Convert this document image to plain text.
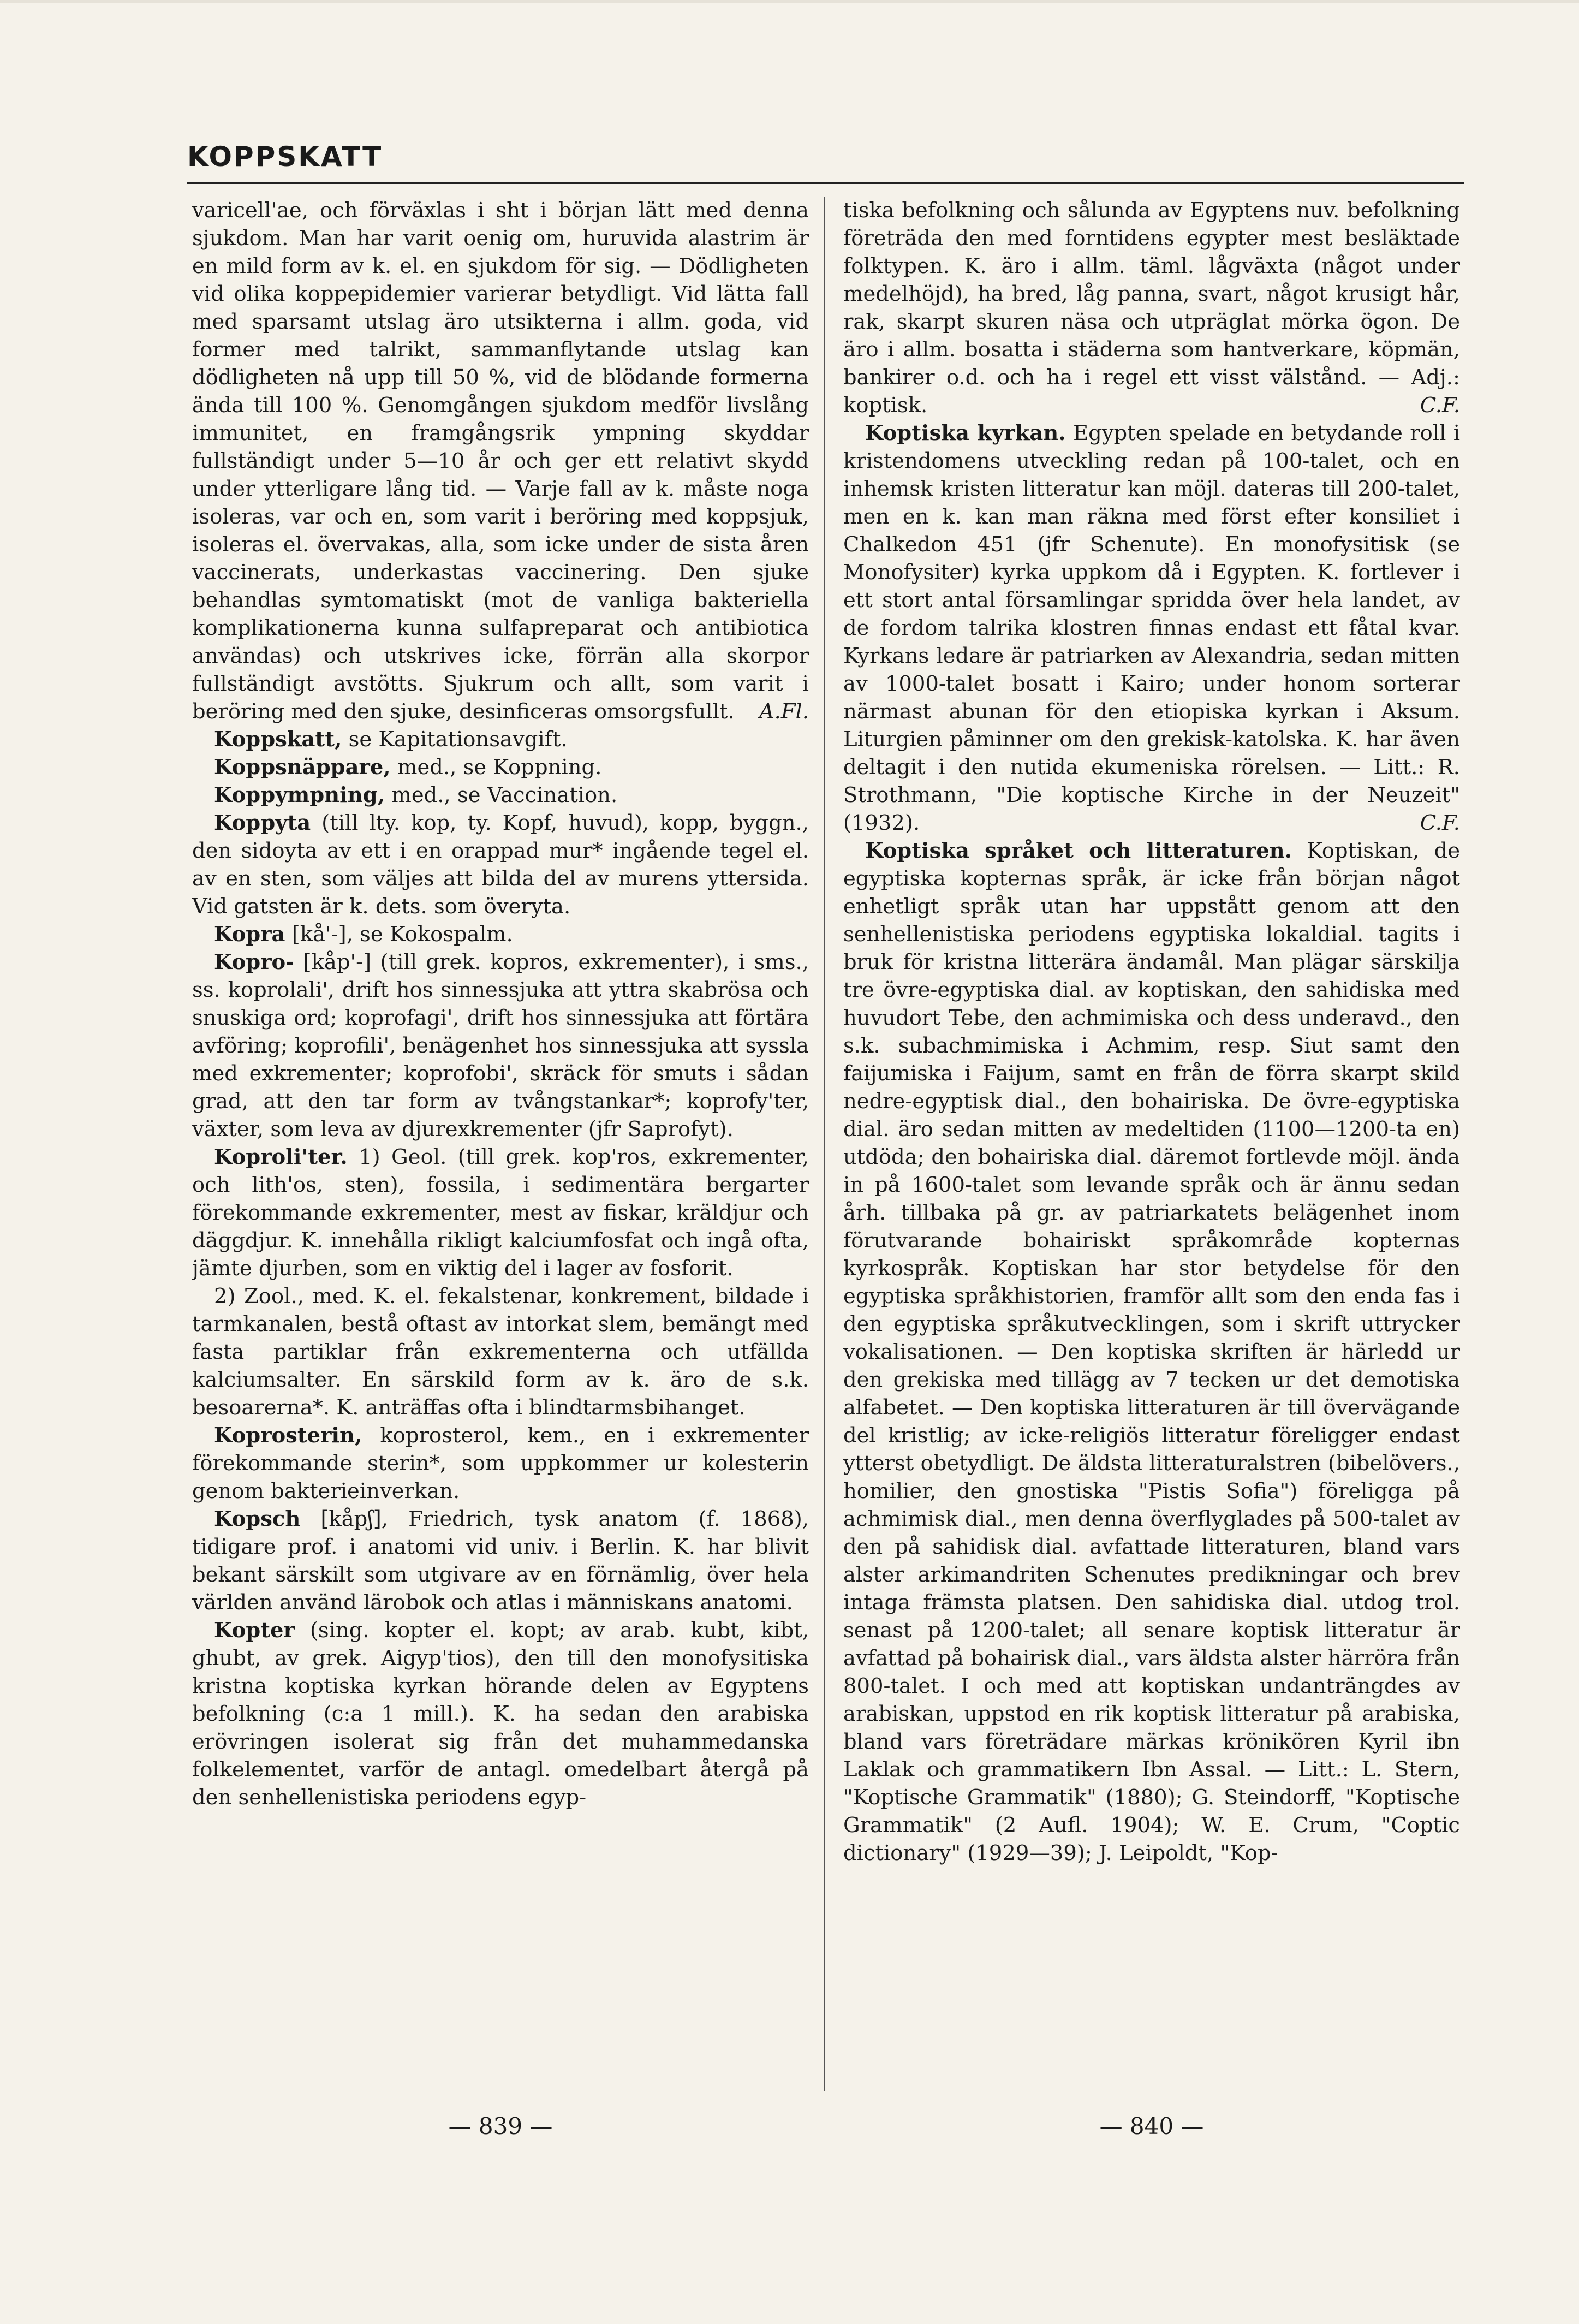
KOPPSKATT

varicell'ae, och förväxlas i sht i början lätt med denna sjukdom. Man har varit oenig om, huruvida alastrim är en mild form av k. el. en sjukdom för sig. — Dödligheten vid olika koppepidemier varierar betydligt. Vid lätta fall med sparsamt utslag äro utsikterna i allm. goda, vid former med talrikt, sammanflytande utslag kan dödligheten nå upp till 50 %, vid de blödande formerna ända till 100 %. Genomgången sjukdom medför livslång immunitet, en framgångsrik ympning skyddar fullständigt under 5—10 år och ger ett relativt skydd under ytterligare lång tid. — Varje fall av k. måste noga isoleras, var och en, som varit i beröring med koppsjuk, isoleras el. övervakas, alla, som icke under de sista åren vaccinerats, underkastas vaccinering. Den sjuke behandlas symtomatiskt (mot de vanliga bakteriella komplikationerna kunna sulfapreparat och antibiotica användas) och utskrives icke, förrän alla skorpor fullständigt avstötts. Sjukrum och allt, som varit i beröring med den sjuke, desinficeras omsorgsfullt. A.Fl.

Koppskatt, se Kapitationsavgift.

Koppsnäppare, med., se Koppning.

Koppympning, med., se Vaccination.

Koppyta (till lty. kop, ty. Kopf, huvud), kopp, byggn., den sidoyta av ett i en orappad mur* ingående tegel el. av en sten, som väljes att bilda del av murens yttersida. Vid gatsten är k. dets. som överyta.

Kopra [kå'-], se Kokospalm.

Kopro- [kåp'-] (till grek. kopros, exkrementer), i sms., ss. koprolali', drift hos sinnessjuka att yttra skabrösa och snuskiga ord; koprofagi', drift hos sinnessjuka att förtära avföring; koprofili', benägenhet hos sinnessjuka att syssla med exkrementer; koprofobi', skräck för smuts i sådan grad, att den tar form av tvångstankar*; koprofy'ter, växter, som leva av djurexkrementer (jfr Saprofyt).

Koproli'ter. 1) Geol. (till grek. kop'ros, exkrementer, och lith'os, sten), fossila, i sedimentära bergarter förekommande exkrementer, mest av fiskar, kräldjur och däggdjur. K. innehålla rikligt kalciumfosfat och ingå ofta, jämte djurben, som en viktig del i lager av fosforit.

2) Zool., med. K. el. fekalstenar, konkrement, bildade i tarmkanalen, bestå oftast av intorkat slem, bemängt med fasta partiklar från exkrementerna och utfällda kalciumsalter. En särskild form av k. äro de s.k. besoarerna*. K. anträffas ofta i blindtarmsbihanget.

Koprosterin, koprosterol, kem., en i exkrementer förekommande sterin*, som uppkommer ur kolesterin genom bakterieinverkan.

Kopsch [kåpʃ], Friedrich, tysk anatom (f. 1868), tidigare prof. i anatomi vid univ. i Berlin. K. har blivit bekant särskilt som utgivare av en förnämlig, över hela världen använd lärobok och atlas i människans anatomi.

Kopter (sing. kopter el. kopt; av arab. kubt, kibt, ghubt, av grek. Aigyp'tios), den till den monofysitiska kristna koptiska kyrkan hörande delen av Egyptens befolkning (c:a 1 mill.). K. ha sedan den arabiska erövringen isolerat sig från det muhammedanska folkelementet, varför de antagl. omedelbart återgå på den senhellenistiska periodens egyp-

tiska befolkning och sålunda av Egyptens nuv. befolkning företräda den med forntidens egypter mest besläktade folktypen. K. äro i allm. täml. lågväxta (något under medelhöjd), ha bred, låg panna, svart, något krusigt hår, rak, skarpt skuren näsa och utpräglat mörka ögon. De äro i allm. bosatta i städerna som hantverkare, köpmän, bankirer o.d. och ha i regel ett visst välstånd. — Adj.: koptisk.	C.F.

Koptiska kyrkan. Egypten spelade en betydande roll i kristendomens utveckling redan på 100-talet, och en inhemsk kristen litteratur kan möjl. dateras till 200-talet, men en k. kan man räkna med först efter konsiliet i Chalkedon 451 (jfr Schenute). En monofysitisk (se Monofysiter) kyrka uppkom då i Egypten. K. fortlever i ett stort antal församlingar spridda över hela landet, av de fordom talrika klostren finnas endast ett fåtal kvar. Kyrkans ledare är patriarken av Alexandria, sedan mitten av 1000-talet bosatt i Kairo; under honom sorterar närmast abunan för den etiopiska kyrkan i Aksum. Liturgien påminner om den grekisk-katolska. K. har även deltagit i den nutida ekumeniska rörelsen. — Litt.: R. Strothmann, "Die koptische Kirche in der Neuzeit" (1932).	C.F.

Koptiska språket och litteraturen. Koptiskan, de egyptiska kopternas språk, är icke från början något enhetligt språk utan har uppstått genom att den senhellenistiska periodens egyptiska lokaldial. tagits i bruk för kristna litterära ändamål. Man plägar särskilja tre övre-egyptiska dial. av koptiskan, den sahidiska med huvudort Tebe, den achmimiska och dess underavd., den s.k. subachmimiska i Achmim, resp. Siut samt den faijumiska i Faijum, samt en från de förra skarpt skild nedre-egyptisk dial., den bohairiska. De övre-egyptiska dial. äro sedan mitten av medeltiden (1100—1200-ta en) utdöda; den bohairiska dial. däremot fortlevde möjl. ända in på 1600-talet som levande språk och är ännu sedan årh. tillbaka på gr. av patriarkatets belägenhet inom förutvarande bohairiskt språkområde kopternas kyrkospråk. Koptiskan har stor betydelse för den egyptiska språkhistorien, framför allt som den enda fas i den egyptiska språkutvecklingen, som i skrift uttrycker vokalisationen. — Den koptiska skriften är härledd ur den grekiska med tillägg av 7 tecken ur det demotiska alfabetet. — Den koptiska litteraturen är till övervägande del kristlig; av icke-religiös litteratur föreligger endast ytterst obetydligt. De äldsta litteraturalstren (bibelövers., homilier, den gnostiska "Pistis Sofia") föreligga på achmimisk dial., men denna överflyglades på 500-talet av den på sahidisk dial. avfattade litteraturen, bland vars alster arkimandriten Schenutes predikningar och brev intaga främsta platsen. Den sahidiska dial. utdog trol. senast på 1200-talet; all senare koptisk litteratur är avfattad på bohairisk dial., vars äldsta alster härröra från 800-talet. I och med att koptiskan undanträngdes av arabiskan, uppstod en rik koptisk litteratur på arabiska, bland vars företrädare märkas krönikören Kyril ibn Laklak och grammatikern Ibn Assal. — Litt.: L. Stern, "Koptische Grammatik" (1880); G. Steindorff, "Koptische Grammatik" (2 Aufl. 1904); W. E. Crum, "Coptic dictionary" (1929—39); J. Leipoldt, "Kop-

— 839 —	— 840 —
